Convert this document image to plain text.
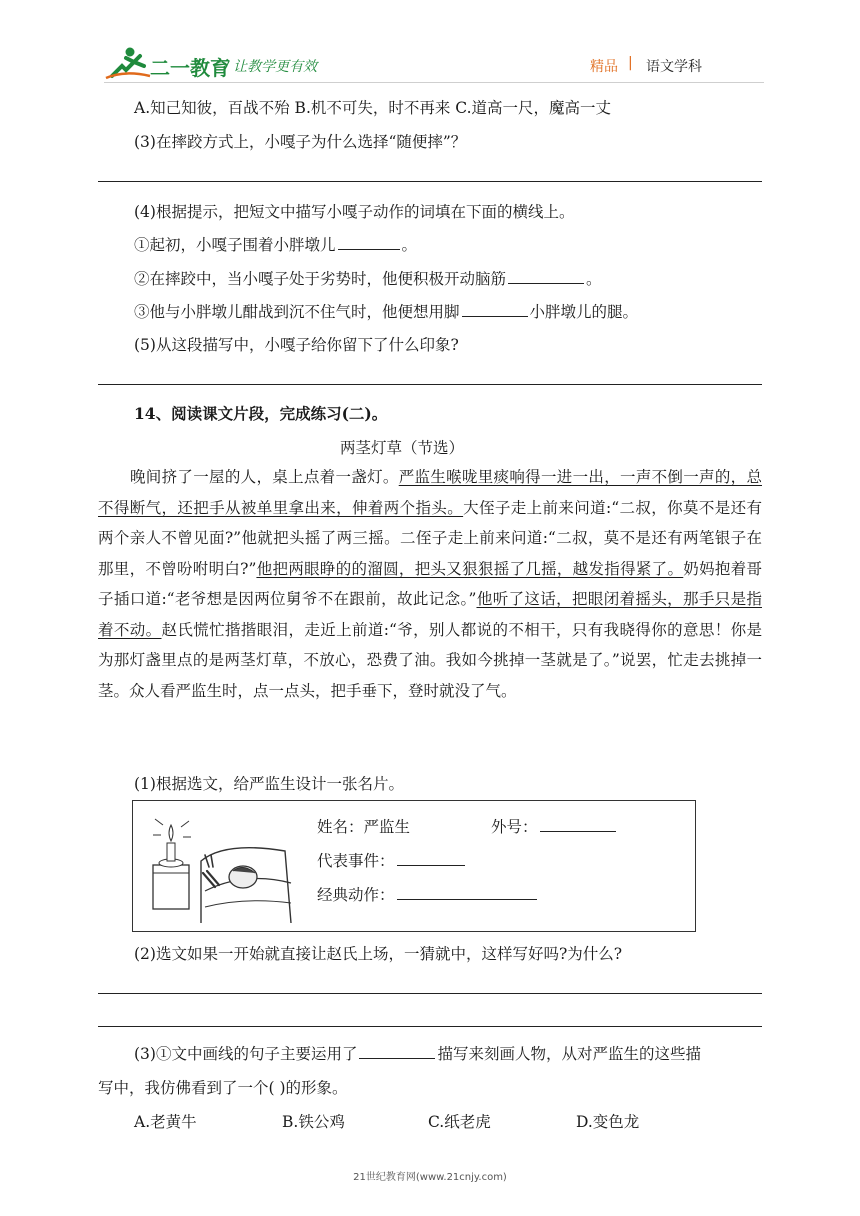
二一教育
/ 让教学更有效	精品 | 语文学科
A.知己知彼，百战不殆 B.机不可失，时不再来 C.道高一尺，魔高一丈
(3)在摔跤方式上，小嘎子为什么选择“随便摔”？
(4)根据提示，把短文中描写小嘎子动作的词填在下面的横线上。
①起初，小嘎子围着小胖墩儿	。
②在摔跤中，当小嘎子处于劣势时，他便积极开动脑筋	。
③他与小胖墩儿酣战到沉不住气时，他便想用脚	小胖墩儿的腿。
(5)从这段描写中，小嘎子给你留下了什么印象?
14、阅读课文片段，完成练习(二)。
两茎灯草（节选）
晚间挤了一屋的人，桌上点着一盏灯。严监生喉咙里痰响得一进一出，一声不倒一声的，总不得断气，还把手从被单里拿出来，伸着两个指头。大侄子走上前来问道:“二叔，你莫不是还有两个亲人不曾见面?”他就把头摇了两三摇。二侄子走上前来问道:“二叔，莫不是还有两笔银子在那里，不曾吩咐明白?”他把两眼睁的的溜圆，把头又狠狠摇了几摇，越发指得紧了。奶妈抱着哥子插口道:“老爷想是因两位舅爷不在跟前，故此记念。”他听了这话，把眼闭着摇头，那手只是指着不动。赵氏慌忙揩揩眼泪，走近上前道:“爷，别人都说的不相干，只有我晓得你的意思！你是为那灯盏里点的是两茎灯草，不放心，恐费了油。我如今挑掉一茎就是了。”说罢，忙走去挑掉一茎。众人看严监生时，点一点头，把手垂下，登时就没了气。
(1)根据选文，给严监生设计一张名片。
姓名：严监生	外号：
代表事件：
经典动作：
(2)选文如果一开始就直接让赵氏上场，一猜就中，这样写好吗?为什么?
(3)①文中画线的句子主要运用了	描写来刻画人物，从对严监生的这些描
写中，我仿佛看到了一个( )的形象。
A.老黄牛	B.铁公鸡	C.纸老虎	D.变色龙
21世纪教育网(www.21cnjy.com)
